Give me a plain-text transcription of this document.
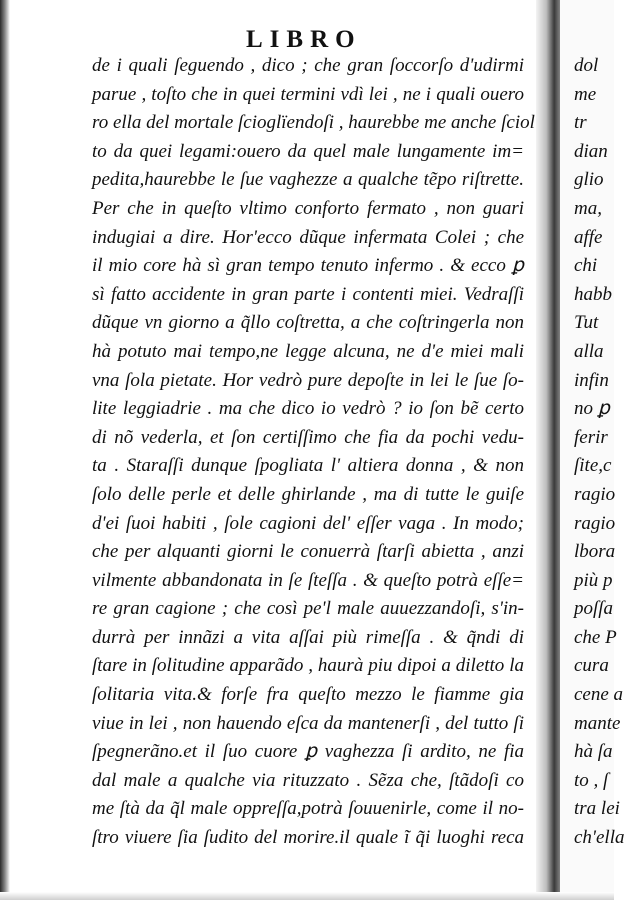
LIBRO
de i quali ſeguendo , dico ; che gran ſoccorſo d'udirmi
parue , toſto che in quei termini vdì lei , ne i quali ouero
ro ella del mortale ſcioglïendoſi , haurebbe me anche ſciol
to da quei legami:ouero da quel male lungamente im=
pedita,haurebbe le ſue vaghezze a qualche tẽpo riſtrette.
Per che in queſto vltimo conforto fermato , non guari
indugiai a dire. Hor'ecco dũque infermata Colei ; che
il mio core hà sì gran tempo tenuto infermo . & ecco ꝑ
sì fatto accidente in gran parte i contenti miei. Vedraſſi
dũque vn giorno a q̃llo coſtretta, a che coſtringerla non
hà potuto mai tempo,ne legge alcuna, ne d'e miei mali
vna ſola pietate. Hor vedrò pure depoſte in lei le ſue ſo-
lite leggiadrie . ma che dico io vedrò ? io ſon bẽ certo
di nõ vederla, et ſon certiſſimo che fia da pochi vedu-
ta . Staraſſi dunque ſpogliata l' altiera donna , & non
ſolo delle perle et delle ghirlande , ma di tutte le guiſe
d'ei ſuoi habiti , ſole cagioni del' eſſer vaga . In modo;
che per alquanti giorni le conuerrà ſtarſi abietta , anzi
vilmente abbandonata in ſe ſteſſa . & queſto potrà eſſe=
re gran cagione ; che così pe'l male auuezzandoſi, s'in-
durrà per innãzi a vita aſſai più rimeſſa . & q̃ndi di
ſtare in ſolitudine apparãdo , haurà piu dipoi a diletto la
ſolitaria vita.& forſe fra queſto mezzo le fiamme gia
viue in lei , non hauendo eſca da mantenerſi , del tutto ſi
ſpegnerãno.et il ſuo cuore ꝑ vaghezza ſi ardito, ne fia
dal male a qualche via rituzzato . Sẽza che, ſtãdoſi co
me ſtà da q̃l male oppreſſa,potrà ſouuenirle, come il no-
ſtro viuere ſia ſudito del morire.il quale ĩ q̃i luoghi reca
dol
me
tr
dian
glio
ma,
affe
chi
habb
Tut
alla
infin
no ꝑ
ferir
ſite,c
ragio
ragio
lbora
più p
poſſa
che P
cura
cene a
mante
hà ſa
to , ſ
tra lei
ch'ella
